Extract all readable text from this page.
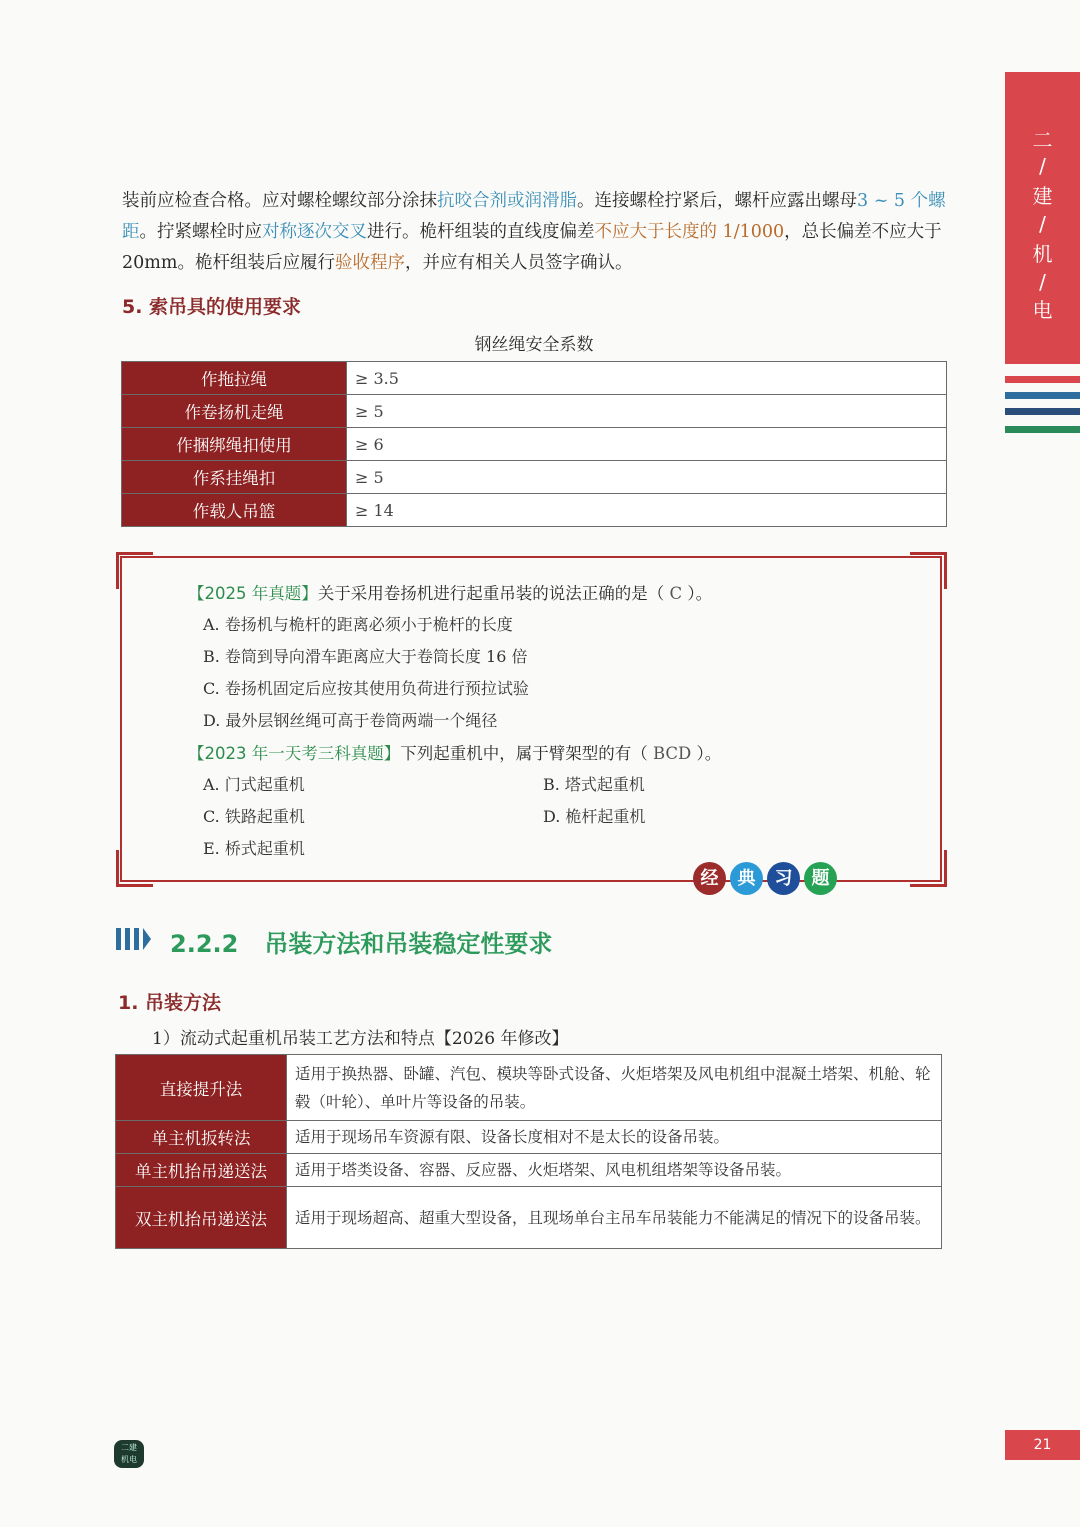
二
/
建
/
机
/
电
装前应检查合格。应对螺栓螺纹部分涂抹抗咬合剂或润滑脂。连接螺栓拧紧后，螺杆应露出螺母3 ~ 5 个螺距。拧紧螺栓时应对称逐次交叉进行。桅杆组装的直线度偏差不应大于长度的 1/1000，总长偏差不应大于 20mm。桅杆组装后应履行验收程序，并应有相关人员签字确认。
5. 索吊具的使用要求
钢丝绳安全系数
作拖拉绳	≥ 3.5
作卷扬机走绳	≥ 5
作捆绑绳扣使用	≥ 6
作系挂绳扣	≥ 5
作载人吊篮	≥ 14
【2025 年真题】关于采用卷扬机进行起重吊装的说法正确的是（ C ）。
A. 卷扬机与桅杆的距离必须小于桅杆的长度
B. 卷筒到导向滑车距离应大于卷筒长度 16 倍
C. 卷扬机固定后应按其使用负荷进行预拉试验
D. 最外层钢丝绳可高于卷筒两端一个绳径
【2023 年一天考三科真题】下列起重机中，属于臂架型的有（ BCD ）。
A. 门式起重机	B. 塔式起重机
C. 铁路起重机	D. 桅杆起重机
E. 桥式起重机
经	典	习	题
2.2.2 吊装方法和吊装稳定性要求
1. 吊装方法
1）流动式起重机吊装工艺方法和特点【2026 年修改】
直接提升法	适用于换热器、卧罐、汽包、模块等卧式设备、火炬塔架及风电机组中混凝土塔架、机舱、轮毂（叶轮）、单叶片等设备的吊装。
单主机扳转法	适用于现场吊车资源有限、设备长度相对不是太长的设备吊装。
单主机抬吊递送法	适用于塔类设备、容器、反应器、火炬塔架、风电机组塔架等设备吊装。
双主机抬吊递送法	适用于现场超高、超重大型设备，且现场单台主吊车吊装能力不能满足的情况下的设备吊装。
二建
机电
21
